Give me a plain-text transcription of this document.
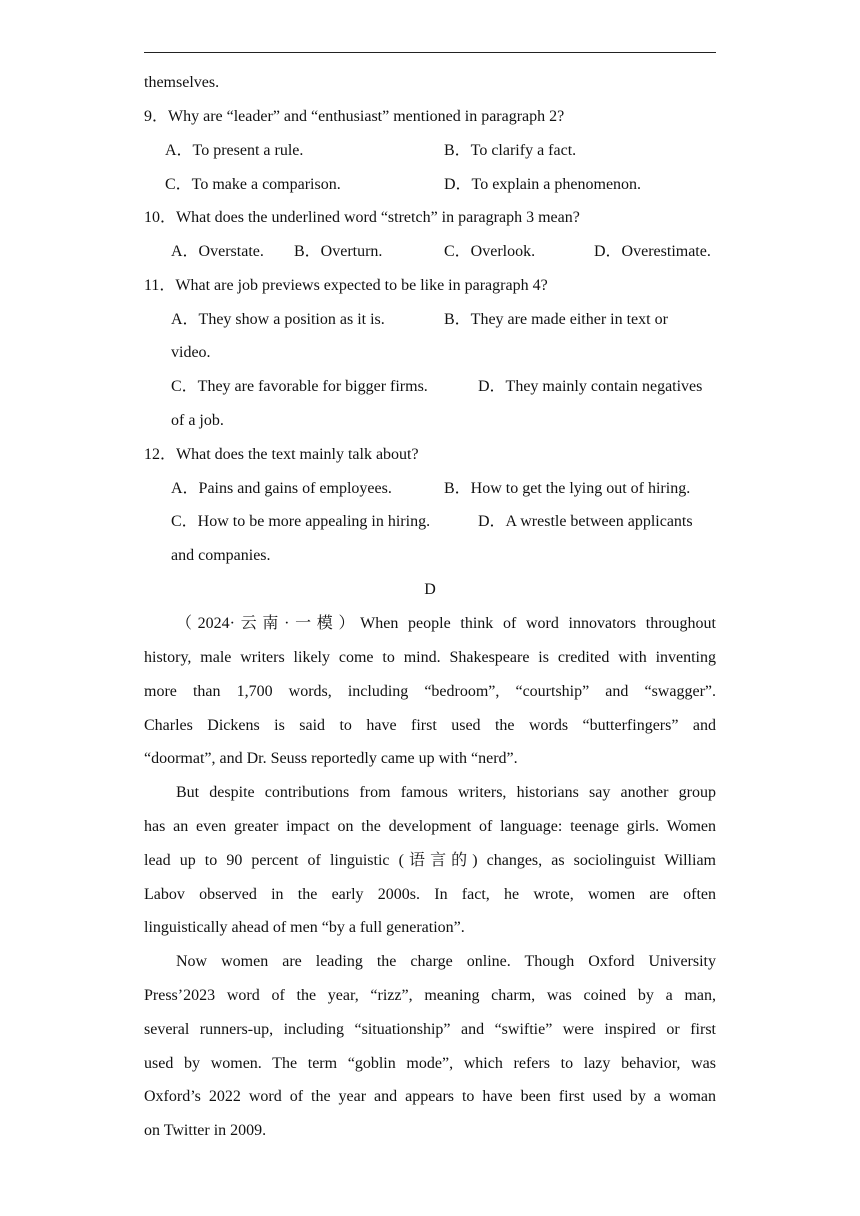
themselves.
9．Why are “leader” and “enthusiast” mentioned in paragraph 2?
A．To present a rule.	B．To clarify a fact.
C．To make a comparison.	D．To explain a phenomenon.
10．What does the underlined word “stretch” in paragraph 3 mean?
A．Overstate. B．Overturn.	C．Overlook.	D．Overestimate.
11．What are job previews expected to be like in paragraph 4?
A．They show a position as it is.	B．They are made either in text or
video.
C．They are favorable for bigger firms.	D．They mainly contain negatives
of a job.
12．What does the text mainly talk about?
A．Pains and gains of employees.	B．How to get the lying out of hiring.
C．How to be more appealing in hiring.	D．A wrestle between applicants
and companies.
D
（2024·云南·一模）When people think of word innovators throughout
history, male writers likely come to mind. Shakespeare is credited with inventing
more than 1,700 words, including “bedroom”, “courtship” and “swagger”.
Charles Dickens is said to have first used the words “butterfingers” and
“doormat”, and Dr. Seuss reportedly came up with “nerd”.
But despite contributions from famous writers, historians say another group
has an even greater impact on the development of language: teenage girls. Women
lead up to 90 percent of linguistic (语言的) changes, as sociolinguist William
Labov observed in the early 2000s. In fact, he wrote, women are often
linguistically ahead of men “by a full generation”.
Now women are leading the charge online. Though Oxford University
Press’2023 word of the year, “rizz”, meaning charm, was coined by a man,
several runners-up, including “situationship” and “swiftie” were inspired or first
used by women. The term “goblin mode”, which refers to lazy behavior, was
Oxford’s 2022 word of the year and appears to have been first used by a woman
on Twitter in 2009.
